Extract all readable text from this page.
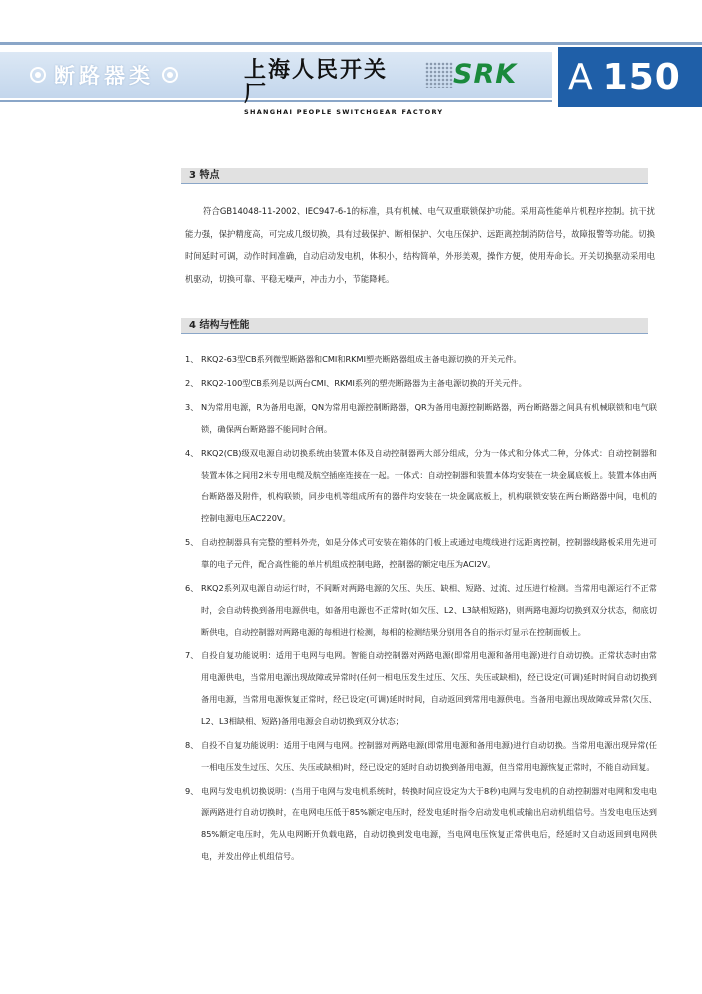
断路器类	上海人民开关厂
SHANGHAI PEOPLE SWITCHGEAR FACTORY
SRK A 150
3 特点
符合GB14048-11-2002、IEC947-6-1的标准，具有机械、电气双重联锁保护功能。采用高性能单片机程序控制。抗干扰能力强，保护精度高，可完成几级切换，具有过载保护、断相保护、欠电压保护、远距离控制消防信号，故障报警等功能。切换时间延时可调，动作时间准确，自动启动发电机，体积小，结构简单，外形美观，操作方便，使用寿命长。开关切换驱动采用电机驱动，切换可靠、平稳无噪声，冲击力小，节能降耗。
4 结构与性能
1、 RKQ2-63型CB系列微型断路器和CMI和RKMI塑壳断路器组成主备电源切换的开关元件。
2、 RKQ2-100型CB系列是以两台CMI、RKMI系列的塑壳断路器为主备电源切换的开关元件。
3、 N为常用电源，R为备用电源，QN为常用电源控制断路器，QR为备用电源控制断路器，两台断路器之间具有机械联锁和电气联锁，确保两台断路器不能同时合闸。
4、 RKQ2(CB)级双电源自动切换系统由装置本体及自动控制器两大部分组成，分为一体式和分体式二种，分体式：自动控制器和装置本体之间用2米专用电缆及航空插座连接在一起。一体式：自动控制器和装置本体均安装在一块金属底板上。装置本体由两台断路器及附件，机构联锁，同步电机等组成所有的器件均安装在一块金属底板上，机构联锁安装在两台断路器中间，电机的控制电源电压AC220V。
5、 自动控制器具有完整的塑料外壳，如是分体式可安装在箱体的门板上或通过电缆线进行远距离控制，控制器线路板采用先进可靠的电子元件，配合高性能的单片机组成控制电路，控制器的额定电压为ACI2V。
6、 RKQ2系列双电源自动运行时，不间断对两路电源的欠压、失压、缺相、短路、过流、过压进行检测。当常用电源运行不正常时，会自动转换到备用电源供电，如备用电源也不正常时(如欠压、L2、L3缺相短路)，则两路电源均切换到双分状态，彻底切断供电，自动控制器对两路电源的每相进行检测，每相的检测结果分别用各自的指示灯显示在控制面板上。
7、 自投自复功能说明：适用于电网与电网。智能自动控制器对两路电源(即常用电源和备用电源)进行自动切换。正常状态时由常用电源供电，当常用电源出现故障或异常时(任何一相电压发生过压、欠压、失压或缺相)，经已设定(可调)延时时间自动切换到备用电源，当常用电源恢复正常时，经已设定(可调)延时时间，自动返回到常用电源供电。当备用电源出现故障或异常(欠压、L2、L3相缺相、短路)备用电源会自动切换到双分状态；
8、 自投不自复功能说明：适用于电网与电网。控制器对两路电源(即常用电源和备用电源)进行自动切换。当常用电源出现异常(任一相电压发生过压、欠压、失压或缺相)时，经已设定的延时自动切换到备用电源，但当常用电源恢复正常时，不能自动回复。
9、 电网与发电机切换说明：(当用于电网与发电机系统时，转换时间应设定为大于8秒)电网与发电机的自动控制器对电网和发电电源两路进行自动切换时，在电网电压低于85%额定电压时，经发电延时指令启动发电机或输出启动机组信号。当发电电压达到85%额定电压时，先从电网断开负载电路，自动切换到发电电源，当电网电压恢复正常供电后，经延时又自动返回到电网供电，并发出停止机组信号。
